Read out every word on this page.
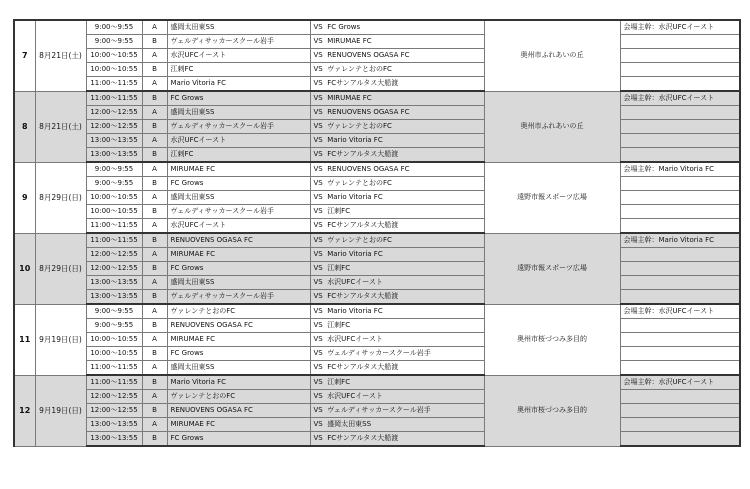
7	8月21日(土)	9:00〜9:55	A	盛岡太田東SS	VS FC Grows	奥州市ふれあいの丘	会場主幹：水沢UFCイースト
		9:00〜9:55	B	ヴェルディサッカースクール岩手	VS MIRUMAE FC		
		10:00〜10:55	A	水沢UFCイースト	VS RENUOVENS OGASA FC		
		10:00〜10:55	B	江刺FC	VS ヴァレンテとおのFC		
		11:00〜11:55	A	Mario Vitoria FC	VS FCサンアルタス大船渡		
8	8月21日(土)	11:00〜11:55	B	FC Grows	VS MIRUMAE FC	奥州市ふれあいの丘	会場主幹：水沢UFCイースト
		12:00〜12:55	A	盛岡太田東SS	VS RENUOVENS OGASA FC		
		12:00〜12:55	B	ヴェルディサッカースクール岩手	VS ヴァレンテとおのFC		
		13:00〜13:55	A	水沢UFCイースト	VS Mario Vitoria FC		
		13:00〜13:55	B	江刺FC	VS FCサンアルタス大船渡		
9	8月29日(日)	9:00〜9:55	A	MIRUMAE FC	VS RENUOVENS OGASA FC	遠野市報スポーツ広場	会場主幹：Mario Vitoria FC
		9:00〜9:55	B	FC Grows	VS ヴァレンテとおのFC		
		10:00〜10:55	A	盛岡太田東SS	VS Mario Vitoria FC		
		10:00〜10:55	B	ヴェルディサッカースクール岩手	VS 江刺FC		
		11:00〜11:55	A	水沢UFCイースト	VS FCサンアルタス大船渡		
10	8月29日(日)	11:00〜11:55	B	RENUOVENS OGASA FC	VS ヴァレンテとおのFC	遠野市報スポーツ広場	会場主幹：Mario Vitoria FC
		12:00〜12:55	A	MIRUMAE FC	VS Mario Vitoria FC		
		12:00〜12:55	B	FC Grows	VS 江刺FC		
		13:00〜13:55	A	盛岡太田東SS	VS 水沢UFCイースト		
		13:00〜13:55	B	ヴェルディサッカースクール岩手	VS FCサンアルタス大船渡		
11	9月19日(日)	9:00〜9:55	A	ヴァレンテとおのFC	VS Mario Vitoria FC	奥州市桜づつみ多目的	会場主幹：水沢UFCイースト
		9:00〜9:55	B	RENUOVENS OGASA FC	VS 江刺FC		
		10:00〜10:55	A	MIRUMAE FC	VS 水沢UFCイースト		
		10:00〜10:55	B	FC Grows	VS ヴェルディサッカースクール岩手		
		11:00〜11:55	A	盛岡太田東SS	VS FCサンアルタス大船渡		
12	9月19日(日)	11:00〜11:55	B	Mario Vitoria FC	VS 江刺FC	奥州市桜づつみ多目的	会場主幹：水沢UFCイースト
		12:00〜12:55	A	ヴァレンテとおのFC	VS 水沢UFCイースト		
		12:00〜12:55	B	RENUOVENS OGASA FC	VS ヴェルディサッカースクール岩手		
		13:00〜13:55	A	MIRUMAE FC	VS 盛岡太田東SS		
		13:00〜13:55	B	FC Grows	VS FCサンアルタス大船渡		
